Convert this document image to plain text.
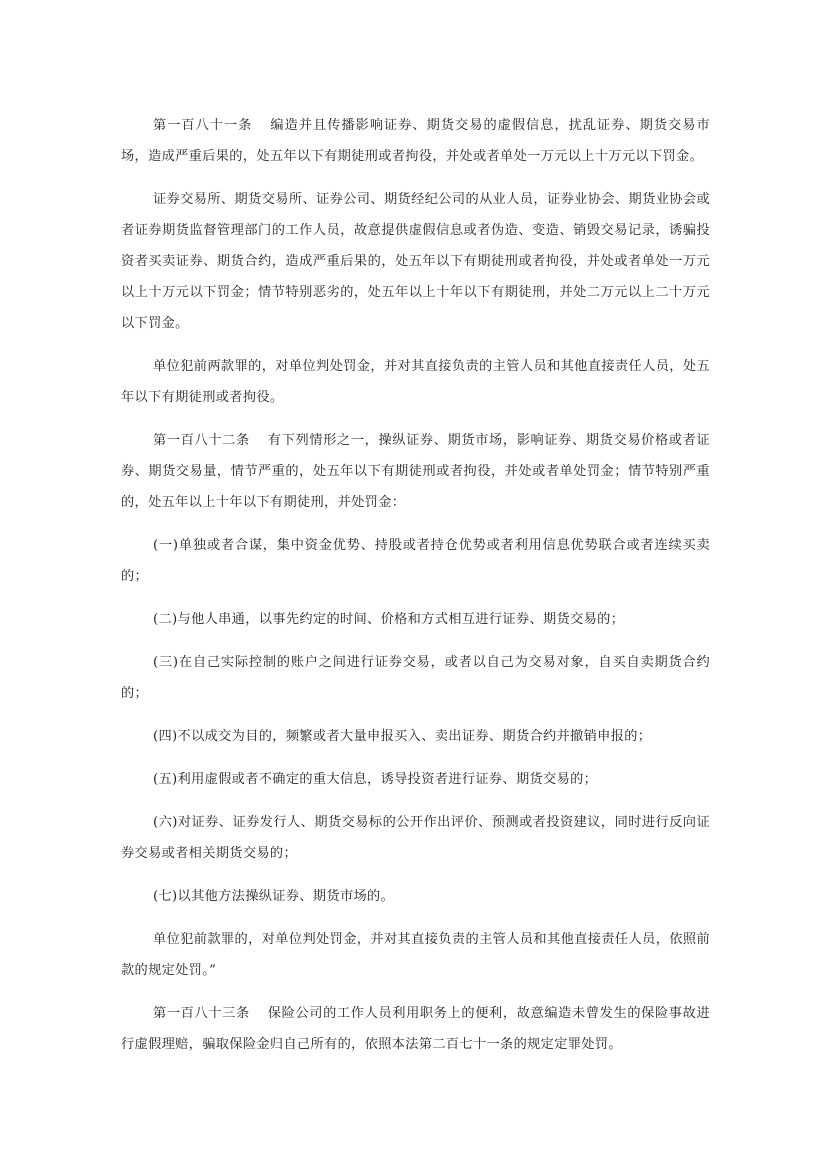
第一百八十一条 编造并且传播影响证券、期货交易的虚假信息，扰乱证券、期货交易市场，造成严重后果的，处五年以下有期徒刑或者拘役，并处或者单处一万元以上十万元以下罚金。

证券交易所、期货交易所、证券公司、期货经纪公司的从业人员，证券业协会、期货业协会或者证券期货监督管理部门的工作人员，故意提供虚假信息或者伪造、变造、销毁交易记录，诱骗投资者买卖证券、期货合约，造成严重后果的，处五年以下有期徒刑或者拘役，并处或者单处一万元以上十万元以下罚金；情节特别恶劣的，处五年以上十年以下有期徒刑，并处二万元以上二十万元以下罚金。

单位犯前两款罪的，对单位判处罚金，并对其直接负责的主管人员和其他直接责任人员，处五年以下有期徒刑或者拘役。

第一百八十二条 有下列情形之一，操纵证券、期货市场，影响证券、期货交易价格或者证券、期货交易量，情节严重的，处五年以下有期徒刑或者拘役，并处或者单处罚金；情节特别严重的，处五年以上十年以下有期徒刑，并处罚金：

(一)单独或者合谋，集中资金优势、持股或者持仓优势或者利用信息优势联合或者连续买卖的；

(二)与他人串通，以事先约定的时间、价格和方式相互进行证券、期货交易的；

(三)在自己实际控制的账户之间进行证券交易，或者以自己为交易对象，自买自卖期货合约的；

(四)不以成交为目的，频繁或者大量申报买入、卖出证券、期货合约并撤销申报的；

(五)利用虚假或者不确定的重大信息，诱导投资者进行证券、期货交易的；

(六)对证券、证券发行人、期货交易标的公开作出评价、预测或者投资建议，同时进行反向证券交易或者相关期货交易的；

(七)以其他方法操纵证券、期货市场的。

单位犯前款罪的，对单位判处罚金，并对其直接负责的主管人员和其他直接责任人员，依照前款的规定处罚。”

第一百八十三条 保险公司的工作人员利用职务上的便利，故意编造未曾发生的保险事故进行虚假理赔，骗取保险金归自己所有的，依照本法第二百七十一条的规定定罪处罚。
